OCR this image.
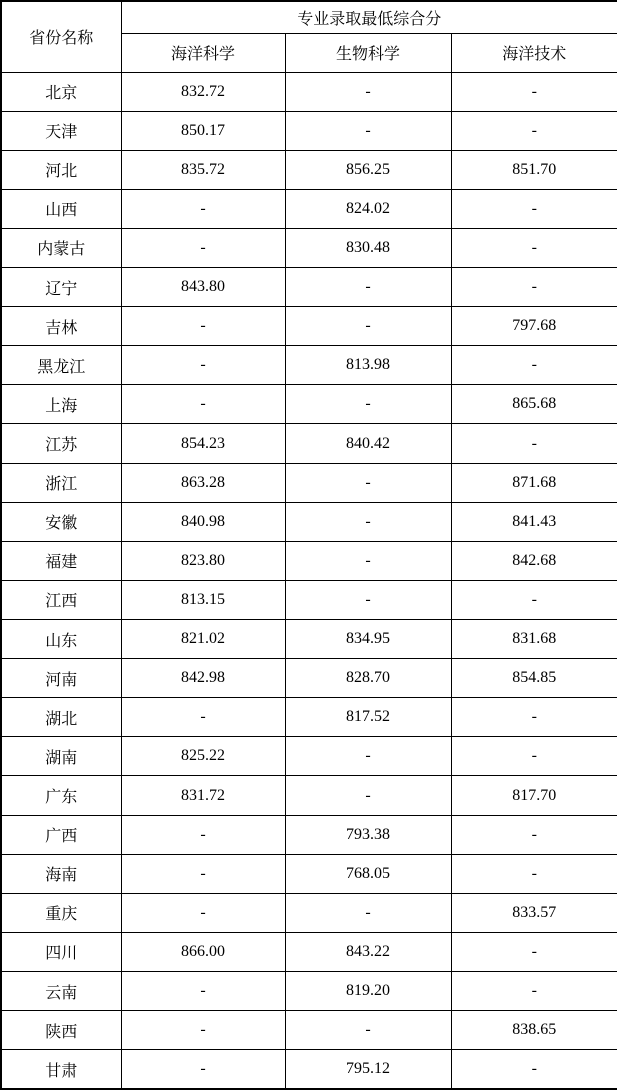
省份名称	专业录取最低综合分		
	海洋科学	生物科学	海洋技术
北京	832.72	-	-
天津	850.17	-	-
河北	835.72	856.25	851.70
山西	-	824.02	-
内蒙古	-	830.48	-
辽宁	843.80	-	-
吉林	-	-	797.68
黑龙江	-	813.98	-
上海	-	-	865.68
江苏	854.23	840.42	-
浙江	863.28	-	871.68
安徽	840.98	-	841.43
福建	823.80	-	842.68
江西	813.15	-	-
山东	821.02	834.95	831.68
河南	842.98	828.70	854.85
湖北	-	817.52	-
湖南	825.22	-	-
广东	831.72	-	817.70
广西	-	793.38	-
海南	-	768.05	-
重庆	-	-	833.57
四川	866.00	843.22	-
云南	-	819.20	-
陕西	-	-	838.65
甘肃	-	795.12	-
